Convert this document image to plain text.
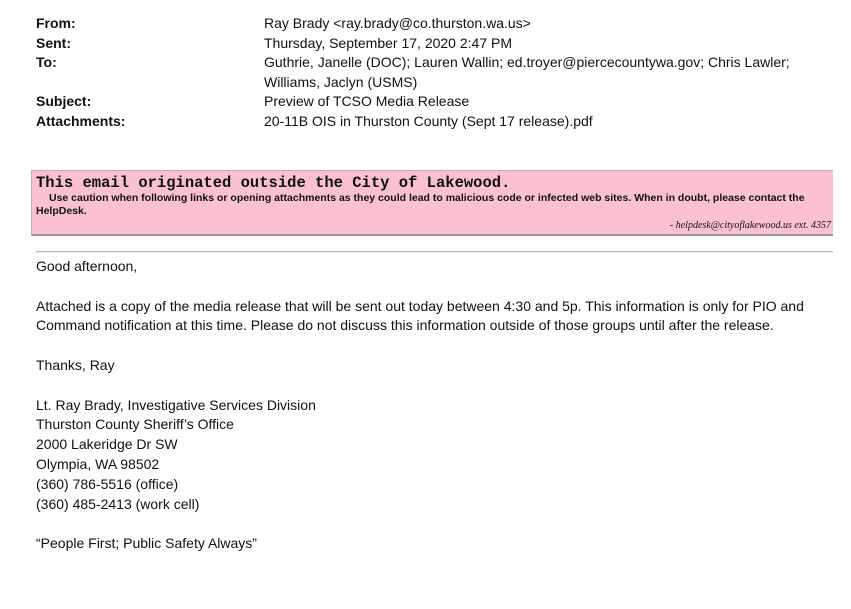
From:	Ray Brady <ray.brady@co.thurston.wa.us>
Sent:	Thursday, September 17, 2020 2:47 PM
To:	Guthrie, Janelle (DOC); Lauren Wallin; ed.troyer@piercecountywa.gov; Chris Lawler; Williams, Jaclyn (USMS)
Subject:	Preview of TCSO Media Release
Attachments:	20-11B OIS in Thurston County (Sept 17 release).pdf
This email originated outside the City of Lakewood.
Use caution when following links or opening attachments as they could lead to malicious code or infected web sites. When in doubt, please contact the HelpDesk.
- helpdesk@cityoflakewood.us ext. 4357

Good afternoon,

Attached is a copy of the media release that will be sent out today between 4:30 and 5p. This information is only for PIO and Command notification at this time. Please do not discuss this information outside of those groups until after the release.

Thanks, Ray

Lt. Ray Brady, Investigative Services Division

Thurston County Sheriff’s Office

2000 Lakeridge Dr SW

Olympia, WA 98502

(360) 786-5516 (office)

(360) 485-2413 (work cell)

“People First; Public Safety Always”
